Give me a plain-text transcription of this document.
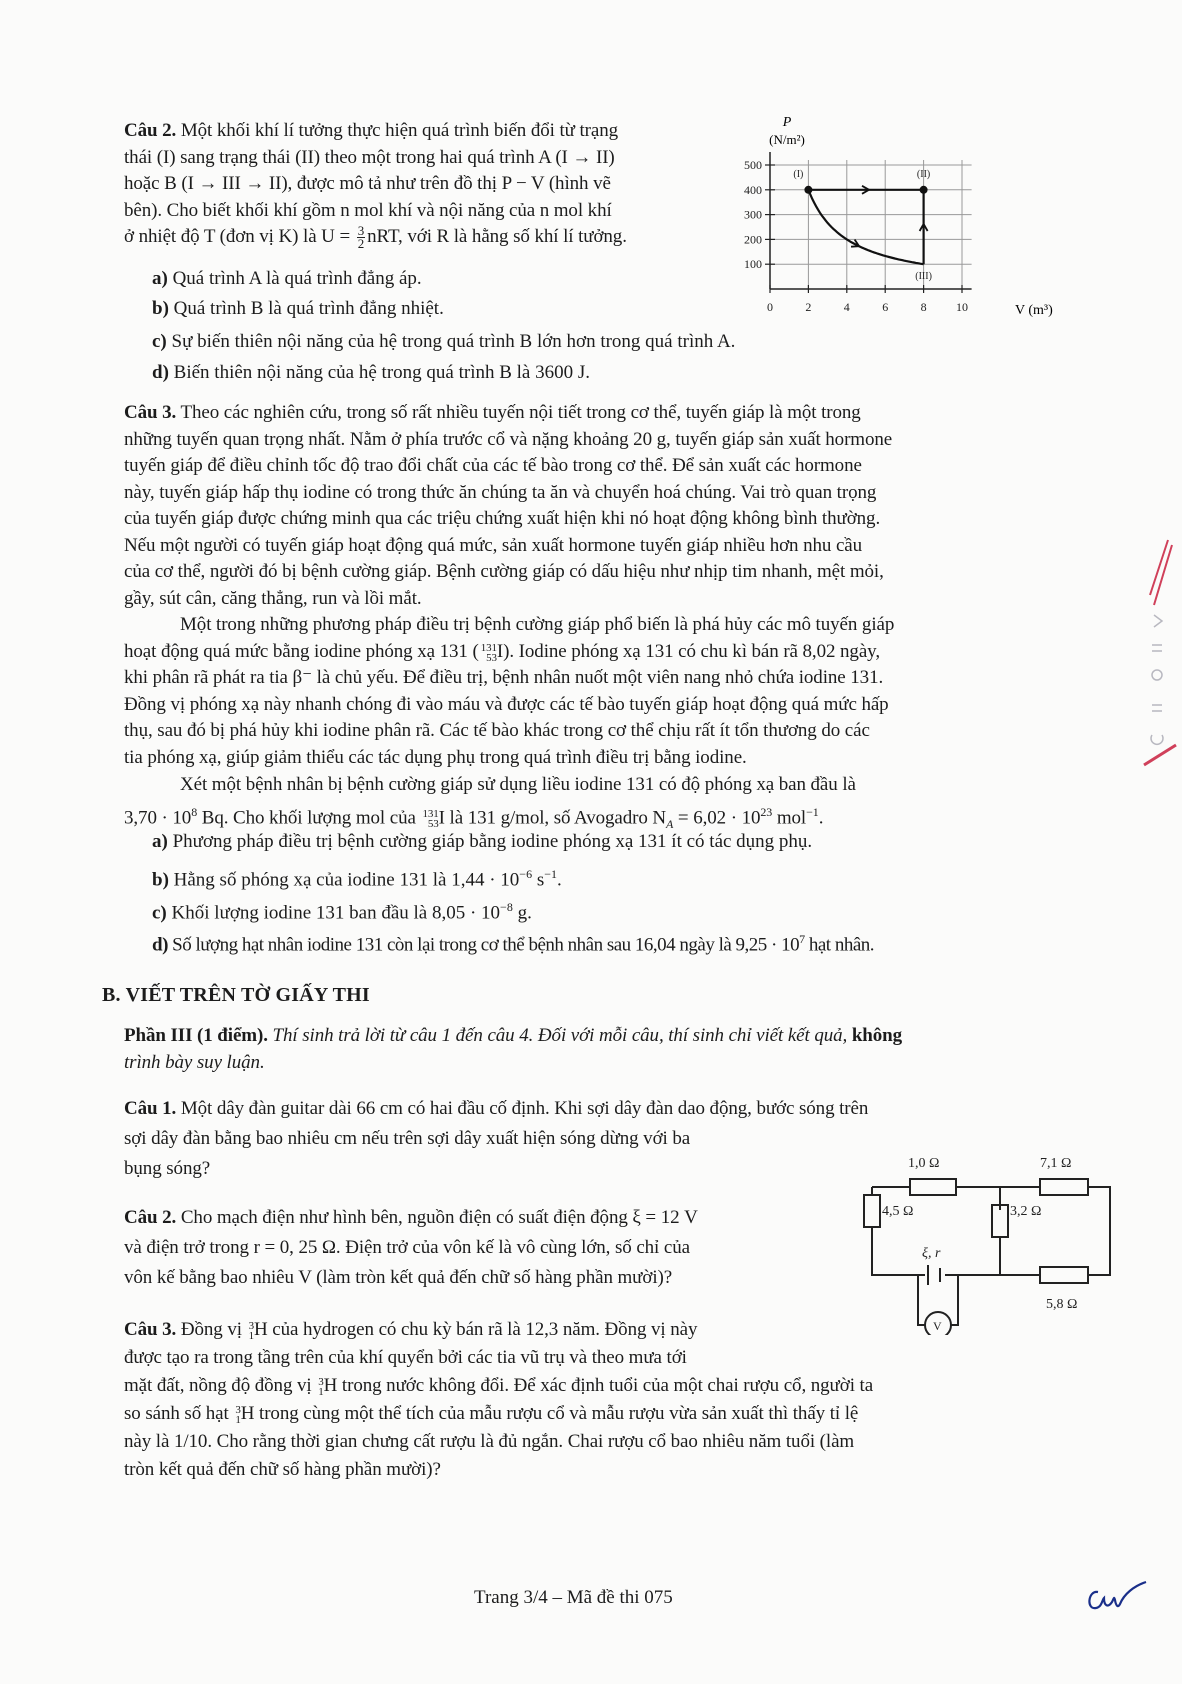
Câu 2. Một khối khí lí tưởng thực hiện quá trình biến đổi từ trạng
thái (I) sang trạng thái (II) theo một trong hai quá trình A (I → II)
hoặc B (I → III → II), được mô tả như trên đồ thị P − V (hình vẽ
bên). Cho biết khối khí gồm n mol khí và nội năng của n mol khí
ở nhiệt độ T (đơn vị K) là $U = \frac{3}{2}$ nRT, với R là hằng số khí lí tưởng.
a) Quá trình A là quá trình đẳng áp.
b) Quá trình B là quá trình đẳng nhiệt.
c) Sự biến thiên nội năng của hệ trong quá trình B lớn hơn trong quá trình A.
d) Biến thiên nội năng của hệ trong quá trình B là 3600 J.
100
200
300
400
500
0	2	4	6	8 10
(I)	(II)
(III)
P
(N/m²)
V (m³)
Câu 3. Theo các nghiên cứu, trong số rất nhiều tuyến nội tiết trong cơ thể, tuyến giáp là một trong
những tuyến quan trọng nhất. Nằm ở phía trước cổ và nặng khoảng 20 g, tuyến giáp sản xuất hormone
tuyến giáp để điều chỉnh tốc độ trao đổi chất của các tế bào trong cơ thể. Để sản xuất các hormone
này, tuyến giáp hấp thụ iodine có trong thức ăn chúng ta ăn và chuyển hoá chúng. Vai trò quan trọng
của tuyến giáp được chứng minh qua các triệu chứng xuất hiện khi nó hoạt động không bình thường.
Nếu một người có tuyến giáp hoạt động quá mức, sản xuất hormone tuyến giáp nhiều hơn nhu cầu
của cơ thể, người đó bị bệnh cường giáp. Bệnh cường giáp có dấu hiệu như nhịp tim nhanh, mệt mỏi,
gầy, sút cân, căng thẳng, run và lồi mắt.
Một trong những phương pháp điều trị bệnh cường giáp phổ biến là phá hủy các mô tuyến giáp
hoạt động quá mức bằng iodine phóng xạ 131 ( 131
53 I). Iodine phóng xạ 131 có chu kì bán rã 8,02 ngày,
khi phân rã phát ra tia β⁻ là chủ yếu. Để điều trị, bệnh nhân nuốt một viên nang nhỏ chứa iodine 131.
Đồng vị phóng xạ này nhanh chóng đi vào máu và được các tế bào tuyến giáp hoạt động quá mức hấp
thụ, sau đó bị phá hủy khi iodine phân rã. Các tế bào khác trong cơ thể chịu rất ít tổn thương do các
tia phóng xạ, giúp giảm thiểu các tác dụng phụ trong quá trình điều trị bằng iodine.
Xét một bệnh nhân bị bệnh cường giáp sử dụng liều iodine 131 có độ phóng xạ ban đầu là
$3,70 \cdot 10^8$ Bq. Cho khối lượng mol của 131
53 I là 131 g/mol, số Avogadro $N_A = 6,02 \cdot 10^{23}$ mol$^{-1}$.
a) Phương pháp điều trị bệnh cường giáp bằng iodine phóng xạ 131 ít có tác dụng phụ.
b) Hằng số phóng xạ của iodine 131 là $1,44 \cdot 10^{-6}$ $s^{-1}$.
c) Khối lượng iodine 131 ban đầu là $8,05 \cdot 10^{-8}$ g.
d) Số lượng hạt nhân iodine 131 còn lại trong cơ thể bệnh nhân sau 16,04 ngày là $9,25 \cdot 10^7$ hạt nhân.
B. VIẾT TRÊN TỜ GIẤY THI
Phần III (1 điểm). Thí sinh trả lời từ câu 1 đến câu 4. Đối với mỗi câu, thí sinh chỉ viết kết quả, không
trình bày suy luận.
Câu 1. Một dây đàn guitar dài 66 cm có hai đầu cố định. Khi sợi dây đàn dao động, bước sóng trên
sợi dây đàn bằng bao nhiêu cm nếu trên sợi dây xuất hiện sóng dừng với ba
bụng sóng?
Câu 2. Cho mạch điện như hình bên, nguồn điện có suất điện động ξ = 12 V
và điện trở trong r = 0, 25 Ω. Điện trở của vôn kế là vô cùng lớn, số chỉ của
vôn kế bằng bao nhiêu V (làm tròn kết quả đến chữ số hàng phần mười)?
1,0 Ω	7,1 Ω
4,5 Ω	3,2 Ω
5,8 Ω
ξ, r
V
Câu 3. Đồng vị 3
1 H của hydrogen có chu kỳ bán rã là 12,3 năm. Đồng vị này
được tạo ra trong tầng trên của khí quyển bởi các tia vũ trụ và theo mưa tới
mặt đất, nồng độ đồng vị 3
1 H trong nước không đổi. Để xác định tuổi của một chai rượu cổ, người ta
so sánh số hạt 3
1 H trong cùng một thể tích của mẫu rượu cổ và mẫu rượu vừa sản xuất thì thấy tỉ lệ
này là 1/10. Cho rằng thời gian chưng cất rượu là đủ ngắn. Chai rượu cổ bao nhiêu năm tuổi (làm
tròn kết quả đến chữ số hàng phần mười)?
Trang 3/4 – Mã đề thi 075
